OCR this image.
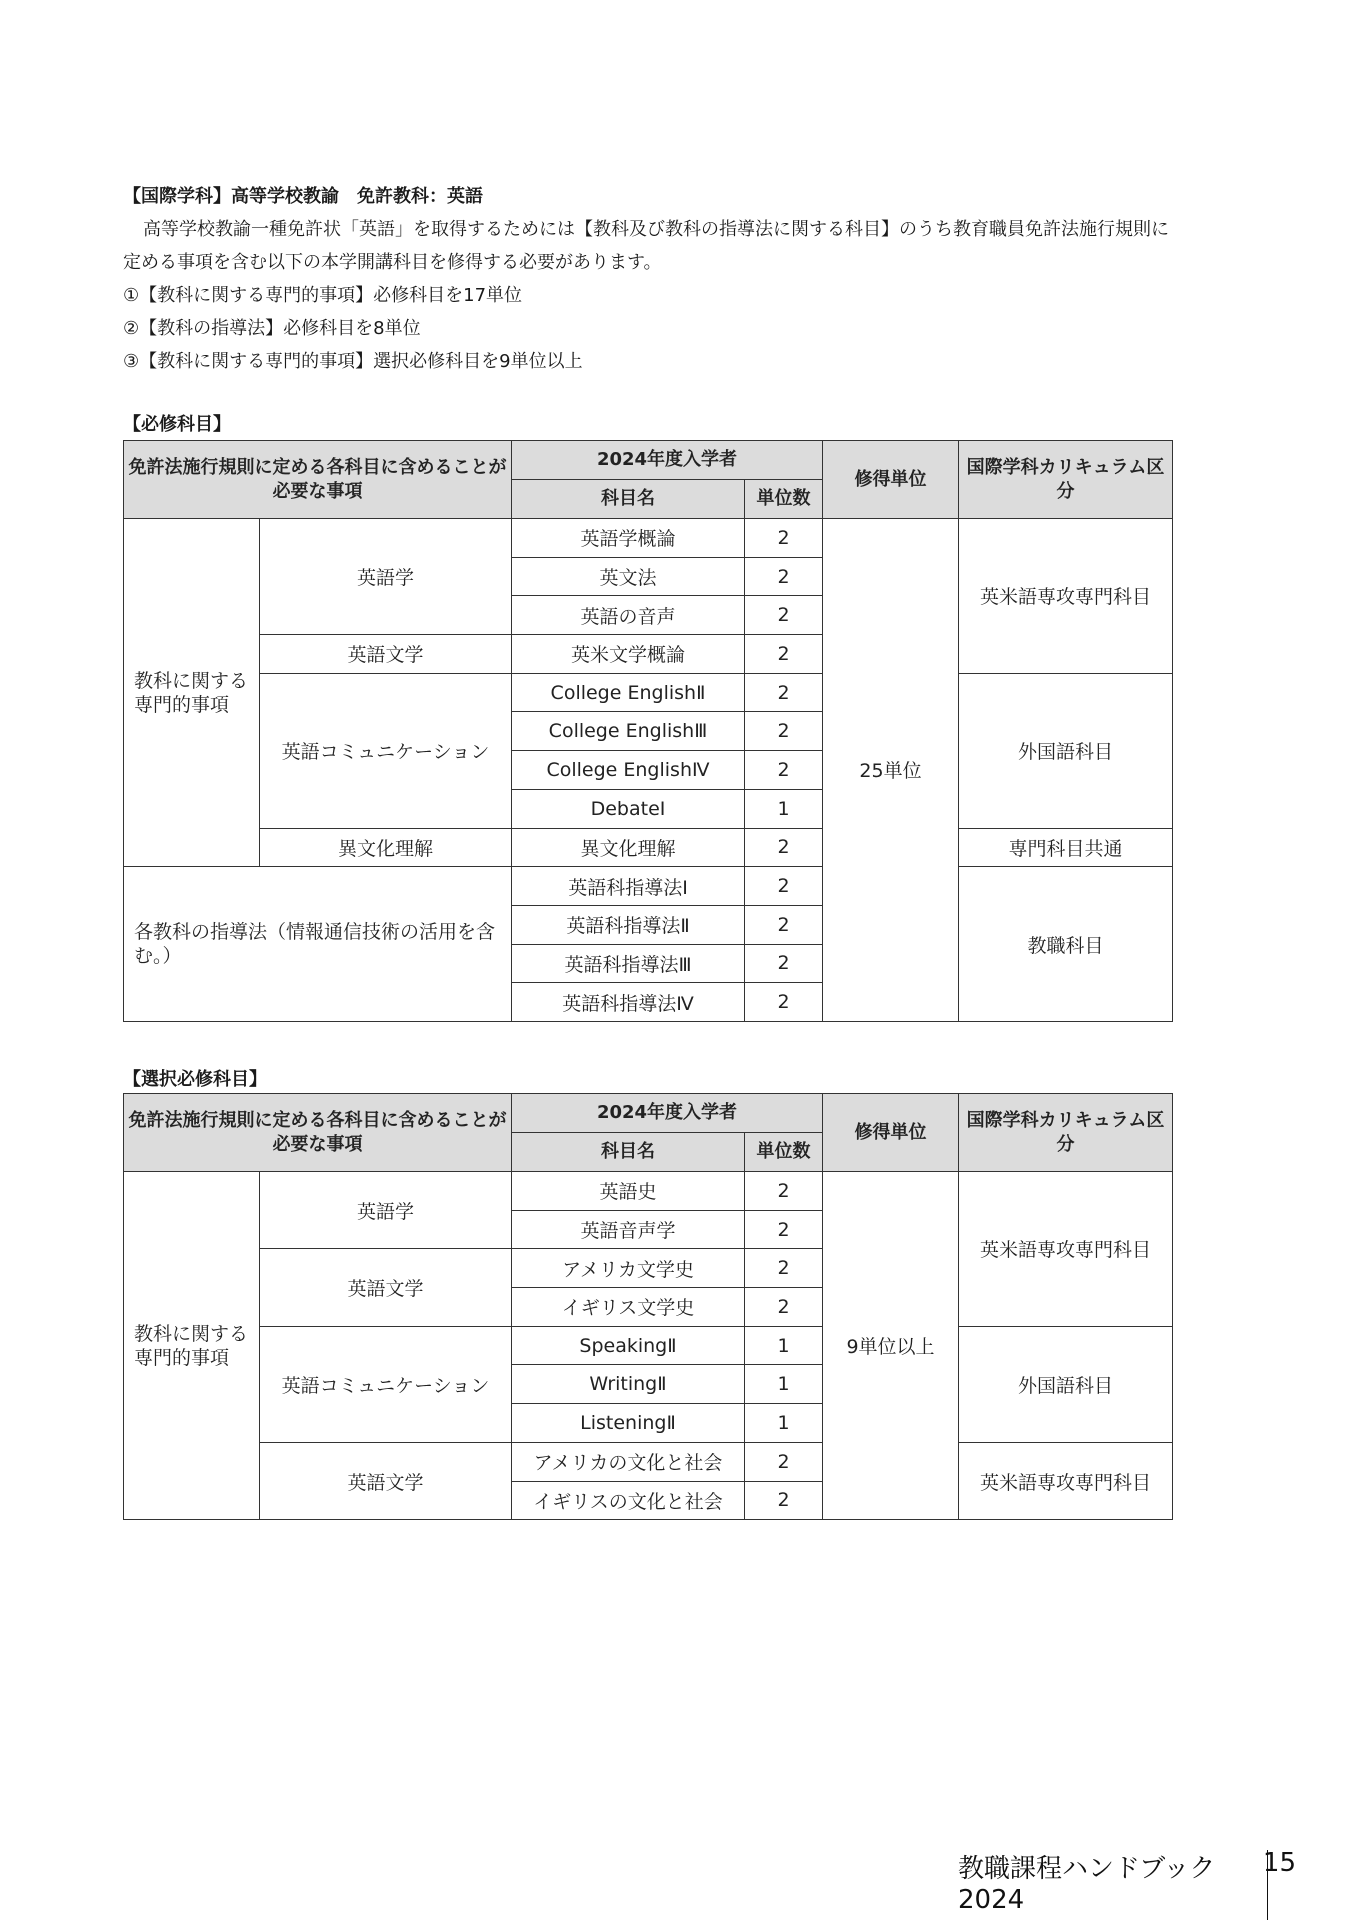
【国際学科】高等学校教諭　免許教科：英語
高等学校教諭一種免許状「英語」を取得するためには【教科及び教科の指導法に関する科目】のうち教育職員免許法施行規則に定める事項を含む以下の本学開講科目を修得する必要があります。
①【教科に関する専門的事項】必修科目を17単位
②【教科の指導法】必修科目を8単位
③【教科に関する専門的事項】選択必修科目を9単位以上
【必修科目】
免許法施行規則に定める各科目に含めることが必要な事項		2024年度入学者		修得単位	国際学科カリキュラム区分
		科目名	単位数		
教科に関する専門的事項	英語学	英語学概論	2	25単位	英米語専攻専門科目
		英文法	2		
		英語の音声	2		
	英語文学	英米文学概論	2		
	英語コミュニケーション	College EnglishⅡ	2		外国語科目
		College EnglishⅢ	2		
		College EnglishⅣ	2		
		DebateⅠ	1		
	異文化理解	異文化理解	2		専門科目共通
各教科の指導法（情報通信技術の活用を含む。）		英語科指導法Ⅰ	2		教職科目
		英語科指導法Ⅱ	2		
		英語科指導法Ⅲ	2		
		英語科指導法Ⅳ	2		
【選択必修科目】
免許法施行規則に定める各科目に含めることが必要な事項		2024年度入学者		修得単位	国際学科カリキュラム区分
		科目名	単位数		
教科に関する専門的事項	英語学	英語史	2	9単位以上	英米語専攻専門科目
		英語音声学	2		
	英語文学	アメリカ文学史	2		
		イギリス文学史	2		
	英語コミュニケーション	SpeakingⅡ	1		外国語科目
		WritingⅡ	1		
		ListeningⅡ	1		
	英語文学	アメリカの文化と社会	2		英米語専攻専門科目
		イギリスの文化と社会	2		
教職課程ハンドブック 2024
15
